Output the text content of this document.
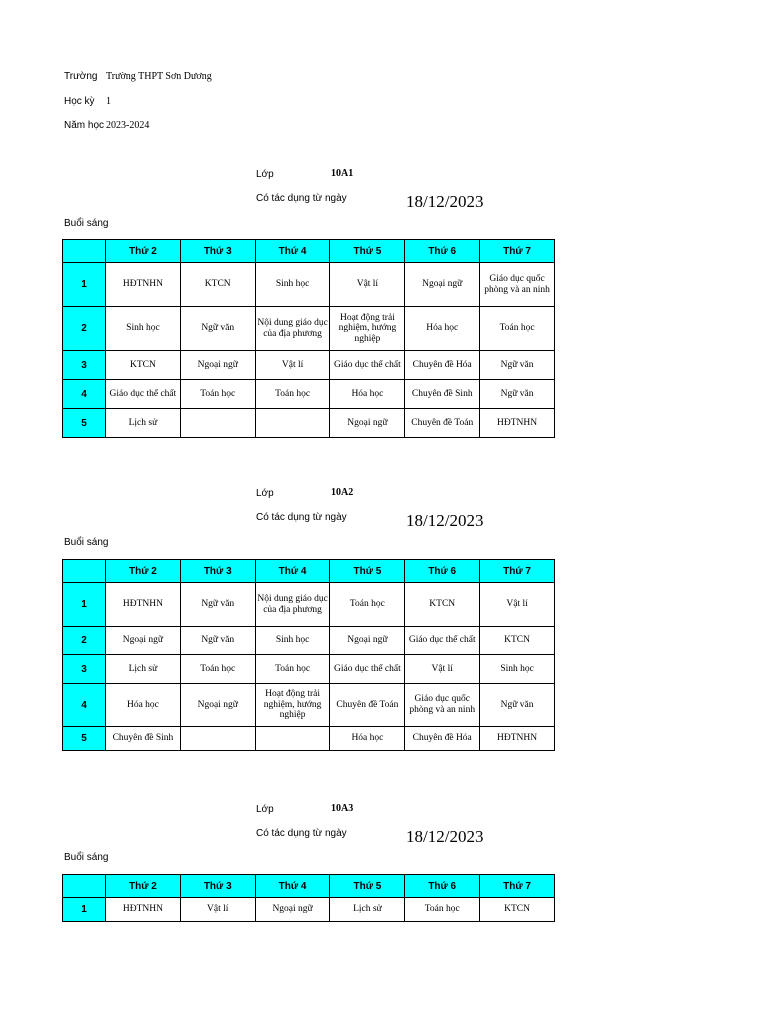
Trường Trường THPT Sơn Dương
Học kỳ 1
Năm học 2023-2024
Lớp	10A1
Có tác dụng từ ngày	18/12/2023
Buổi sáng
	Thứ 2	Thứ 3	Thứ 4	Thứ 5	Thứ 6	Thứ 7
1	HĐTNHN	KTCN	Sinh học	Vật lí	Ngoại ngữ	Giáo dục quốc phòng và an ninh
2	Sinh học	Ngữ văn	Nội dung giáo dục của địa phương	Hoạt động trải nghiệm, hướng nghiệp	Hóa học	Toán học
3	KTCN	Ngoại ngữ	Vật lí	Giáo dục thể chất	Chuyên đề Hóa	Ngữ văn
4	Giáo dục thể chất	Toán học	Toán học	Hóa học	Chuyên đề Sinh	Ngữ văn
5	Lịch sử			Ngoại ngữ	Chuyên đề Toán	HĐTNHN
Lớp	10A2
Có tác dụng từ ngày	18/12/2023
Buổi sáng
	Thứ 2	Thứ 3	Thứ 4	Thứ 5	Thứ 6	Thứ 7
1	HĐTNHN	Ngữ văn	Nội dung giáo dục của địa phương	Toán học	KTCN	Vật lí
2	Ngoại ngữ	Ngữ văn	Sinh học	Ngoại ngữ	Giáo dục thể chất	KTCN
3	Lịch sử	Toán học	Toán học	Giáo dục thể chất	Vật lí	Sinh học
4	Hóa học	Ngoại ngữ	Hoạt động trải nghiệm, hướng nghiệp	Chuyên đề Toán	Giáo dục quốc phòng và an ninh	Ngữ văn
5	Chuyên đề Sinh			Hóa học	Chuyên đề Hóa	HĐTNHN
Lớp	10A3
Có tác dụng từ ngày	18/12/2023
Buổi sáng
	Thứ 2	Thứ 3	Thứ 4	Thứ 5	Thứ 6	Thứ 7
1	HĐTNHN	Vật lí	Ngoại ngữ	Lịch sử	Toán học	KTCN
